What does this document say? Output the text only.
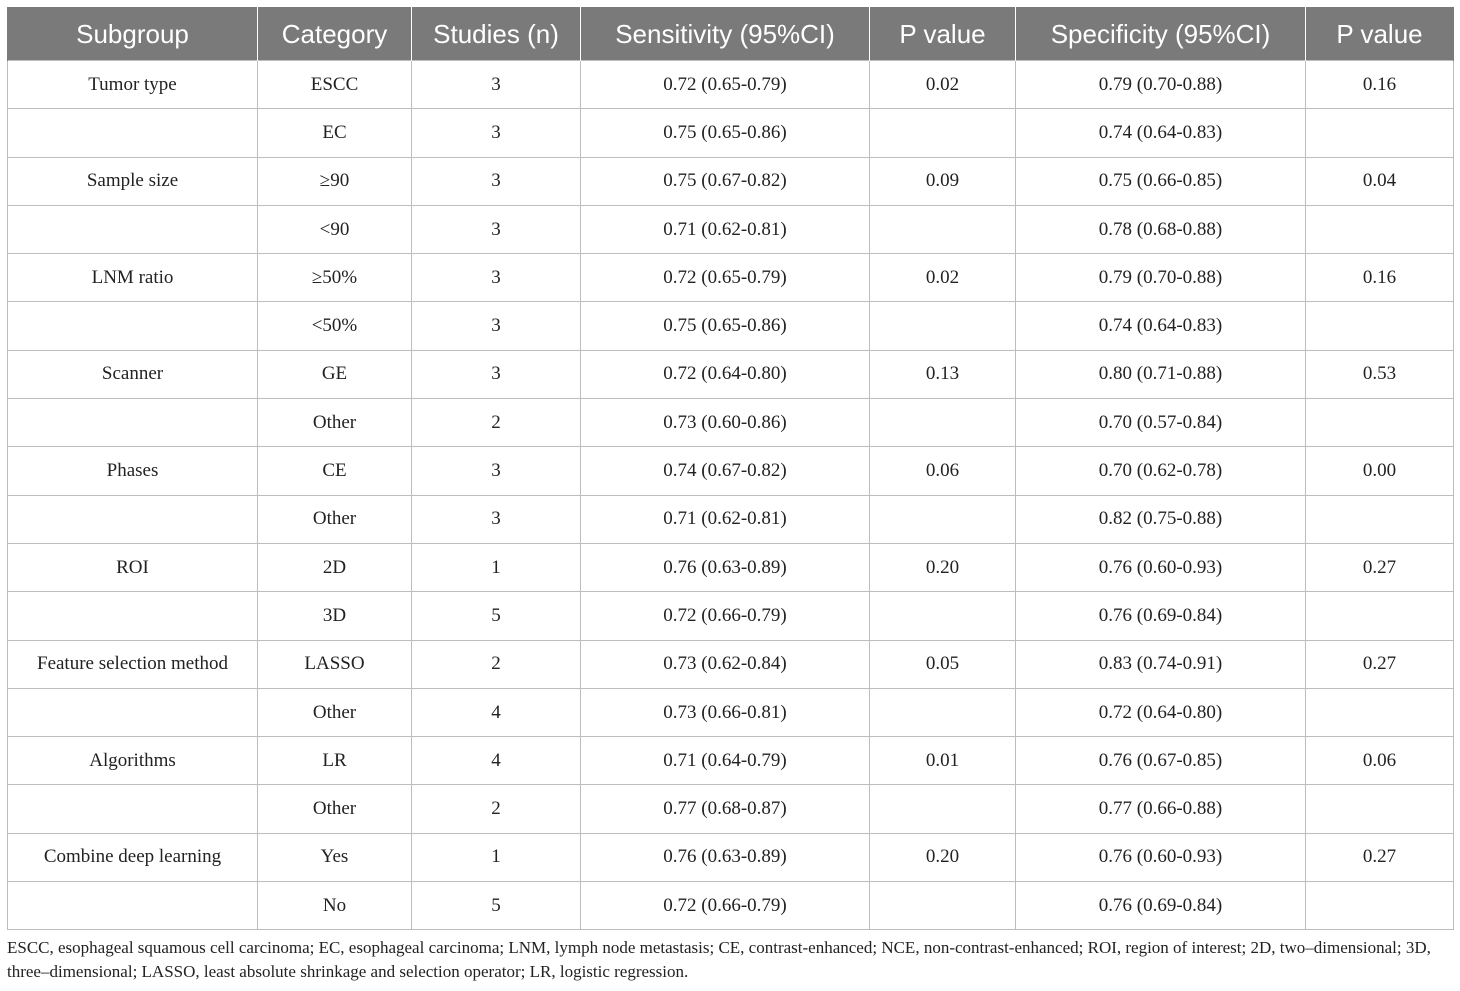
Subgroup	Category	Studies (n)	Sensitivity (95%CI)	P value	Specificity (95%CI)	P value
Tumor type	ESCC	3	0.72 (0.65-0.79)	0.02	0.79 (0.70-0.88)	0.16
	EC	3	0.75 (0.65-0.86)		0.74 (0.64-0.83)	
Sample size	≥90	3	0.75 (0.67-0.82)	0.09	0.75 (0.66-0.85)	0.04
	<90	3	0.71 (0.62-0.81)		0.78 (0.68-0.88)	
LNM ratio	≥50%	3	0.72 (0.65-0.79)	0.02	0.79 (0.70-0.88)	0.16
	<50%	3	0.75 (0.65-0.86)		0.74 (0.64-0.83)	
Scanner	GE	3	0.72 (0.64-0.80)	0.13	0.80 (0.71-0.88)	0.53
	Other	2	0.73 (0.60-0.86)		0.70 (0.57-0.84)	
Phases	CE	3	0.74 (0.67-0.82)	0.06	0.70 (0.62-0.78)	0.00
	Other	3	0.71 (0.62-0.81)		0.82 (0.75-0.88)	
ROI	2D	1	0.76 (0.63-0.89)	0.20	0.76 (0.60-0.93)	0.27
	3D	5	0.72 (0.66-0.79)		0.76 (0.69-0.84)	
Feature selection method	LASSO	2	0.73 (0.62-0.84)	0.05	0.83 (0.74-0.91)	0.27
	Other	4	0.73 (0.66-0.81)		0.72 (0.64-0.80)	
Algorithms	LR	4	0.71 (0.64-0.79)	0.01	0.76 (0.67-0.85)	0.06
	Other	2	0.77 (0.68-0.87)		0.77 (0.66-0.88)	
Combine deep learning	Yes	1	0.76 (0.63-0.89)	0.20	0.76 (0.60-0.93)	0.27
	No	5	0.72 (0.66-0.79)		0.76 (0.69-0.84)	
ESCC, esophageal squamous cell carcinoma; EC, esophageal carcinoma; LNM, lymph node metastasis; CE, contrast-enhanced; NCE, non-contrast-enhanced; ROI, region of interest; 2D, two–dimensional; 3D, three–dimensional; LASSO, least absolute shrinkage and selection operator; LR, logistic regression.
